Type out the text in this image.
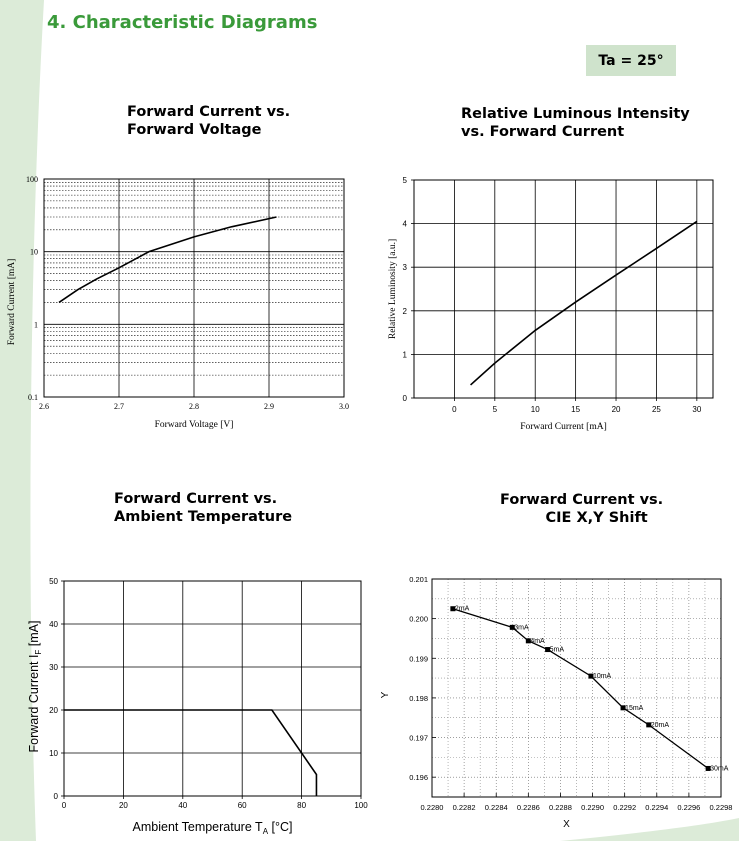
4. Characteristic Diagrams
Ta = 25°
Forward Current vs.
Forward Voltage
Relative Luminous Intensity
vs. Forward Current
Forward Current vs.
Ambient Temperature
Forward Current vs.
CIE X,Y Shift
0.1
1
10
100
2.6	2.7	2.8	2.9	3.0
Forward Voltage [V]
Forward Current [mA]
0
1
2
3
4
5
0	5	10	15	20	25	30
Forward Current [mA]
Relative Luminosity [a.u.]
0
10
20
30
40
50
0	20	40	60	80	100
Ambient Temperature $T_A$ [°C]
Forward Current $I_F$ [mA]
0.196
0.197
0.198
0.199
0.200
0.201
0.2280 0.2282 0.2284 0.2286 0.2288 0.2290 0.2292 0.2294 0.2296 0.2298
2mA
3mA
4mA
5mA
10mA
15mA
20mA
30mA
X
Y
